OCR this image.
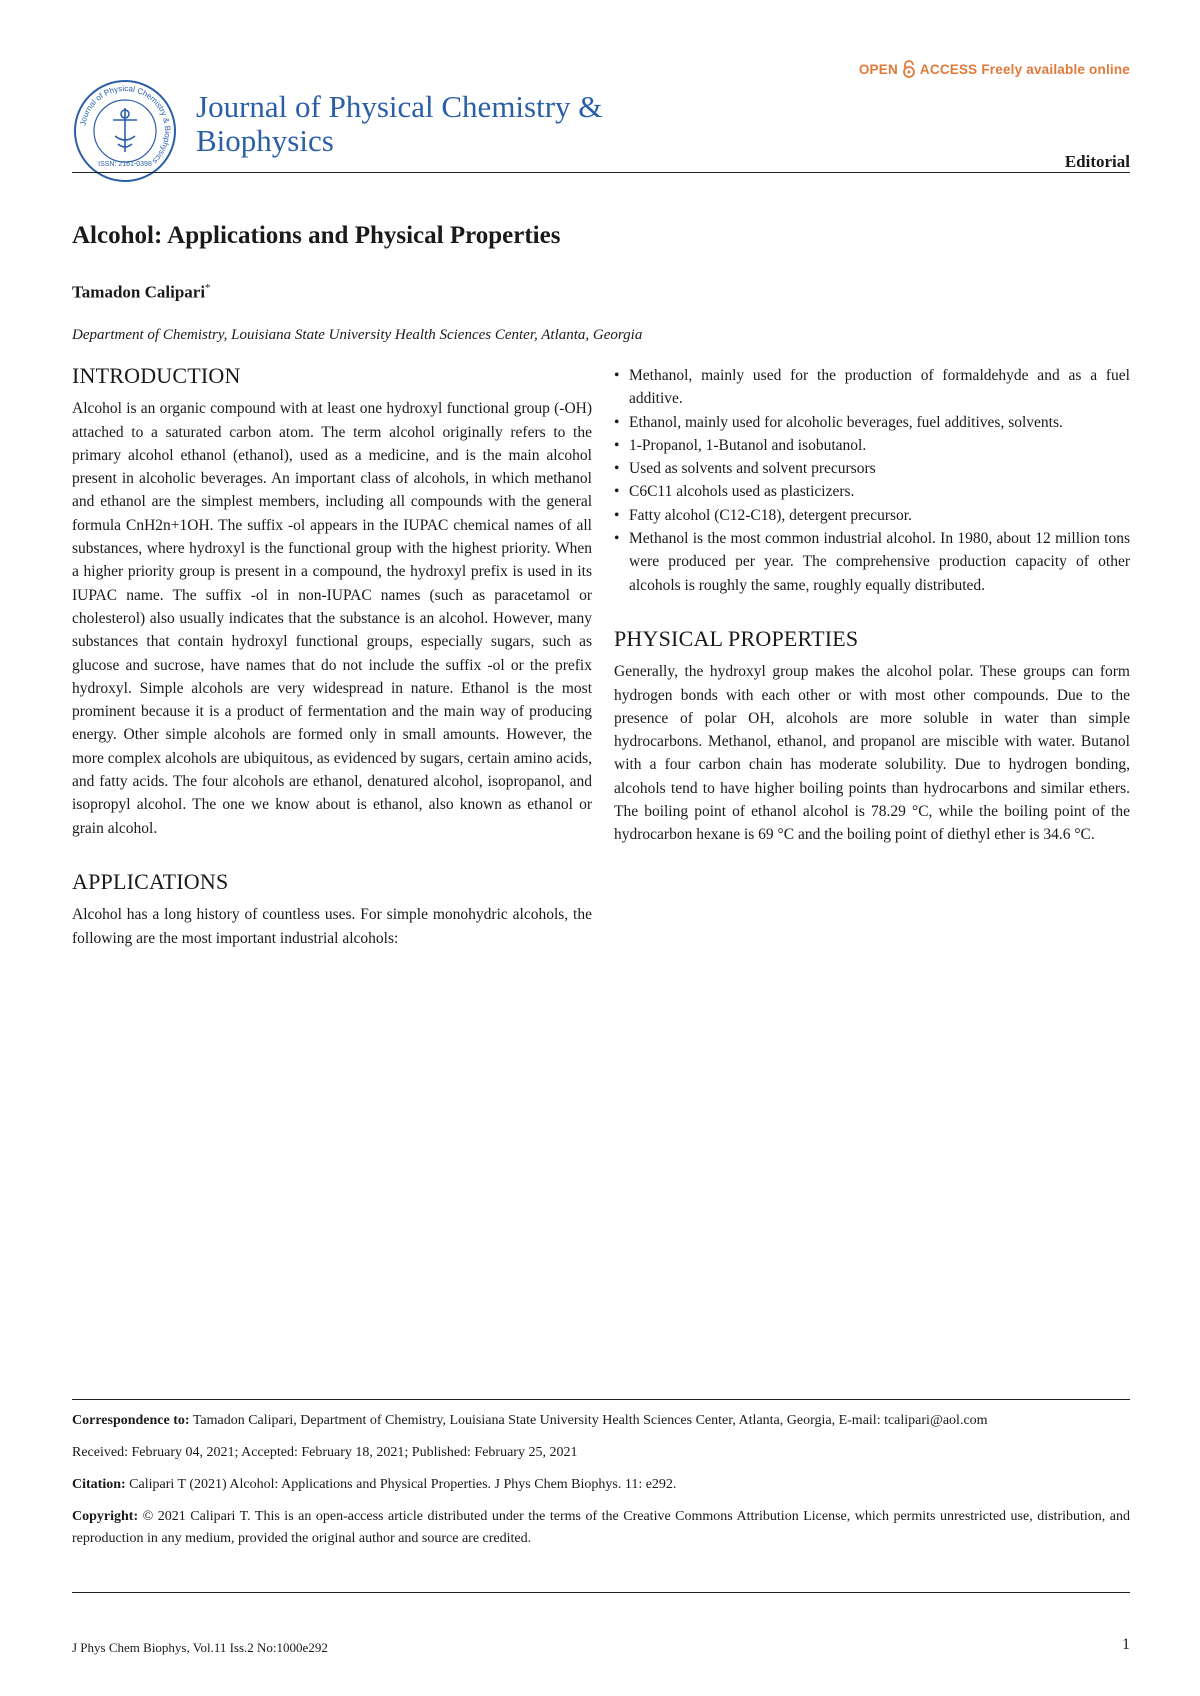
Journal of Physical Chemistry & Biophysics
ISSN: 2161-0398
Journal of Physical Chemistry &
Biophysics
OPEN ACCESS Freely available online
Editorial
Alcohol: Applications and Physical Properties
Tamadon Calipari*
Department of Chemistry, Louisiana State University Health Sciences Center, Atlanta, Georgia
INTRODUCTION

Alcohol is an organic compound with at least one hydroxyl functional group (-OH) attached to a saturated carbon atom. The term alcohol originally refers to the primary alcohol ethanol (ethanol), used as a medicine, and is the main alcohol present in alcoholic beverages. An important class of alcohols, in which methanol and ethanol are the simplest members, including all compounds with the general formula CnH2n+1OH. The suffix -ol appears in the IUPAC chemical names of all substances, where hydroxyl is the functional group with the highest priority. When a higher priority group is present in a compound, the hydroxyl prefix is used in its IUPAC name. The suffix -ol in non-IUPAC names (such as paracetamol or cholesterol) also usually indicates that the substance is an alcohol. However, many substances that contain hydroxyl functional groups, especially sugars, such as glucose and sucrose, have names that do not include the suffix -ol or the prefix hydroxyl. Simple alcohols are very widespread in nature. Ethanol is the most prominent because it is a product of fermentation and the main way of producing energy. Other simple alcohols are formed only in small amounts. However, the more complex alcohols are ubiquitous, as evidenced by sugars, certain amino acids, and fatty acids. The four alcohols are ethanol, denatured alcohol, isopropanol, and isopropyl alcohol. The one we know about is ethanol, also known as ethanol or grain alcohol.

APPLICATIONS

Alcohol has a long history of countless uses. For simple monohydric alcohols, the following are the most important industrial alcohols:

• Methanol, mainly used for the production of formaldehyde and as a fuel additive.
• Ethanol, mainly used for alcoholic beverages, fuel additives, solvents.
• 1-Propanol, 1-Butanol and isobutanol.
• Used as solvents and solvent precursors
• C6C11 alcohols used as plasticizers.
• Fatty alcohol (C12-C18), detergent precursor.
• Methanol is the most common industrial alcohol. In 1980, about 12 million tons were produced per year. The comprehensive production capacity of other alcohols is roughly the same, roughly equally distributed.
PHYSICAL PROPERTIES

Generally, the hydroxyl group makes the alcohol polar. These groups can form hydrogen bonds with each other or with most other compounds. Due to the presence of polar OH, alcohols are more soluble in water than simple hydrocarbons. Methanol, ethanol, and propanol are miscible with water. Butanol with a four carbon chain has moderate solubility. Due to hydrogen bonding, alcohols tend to have higher boiling points than hydrocarbons and similar ethers. The boiling point of ethanol alcohol is 78.29 °C, while the boiling point of the hydrocarbon hexane is 69 °C and the boiling point of diethyl ether is 34.6 °C.

Correspondence to: Tamadon Calipari, Department of Chemistry, Louisiana State University Health Sciences Center, Atlanta, Georgia, E-mail: tcalipari@aol.com

Received: February 04, 2021; Accepted: February 18, 2021; Published: February 25, 2021

Citation: Calipari T (2021) Alcohol: Applications and Physical Properties. J Phys Chem Biophys. 11: e292.

Copyright: © 2021 Calipari T. This is an open-access article distributed under the terms of the Creative Commons Attribution License, which permits unrestricted use, distribution, and reproduction in any medium, provided the original author and source are credited.

J Phys Chem Biophys, Vol.11 Iss.2 No:1000e292	1
